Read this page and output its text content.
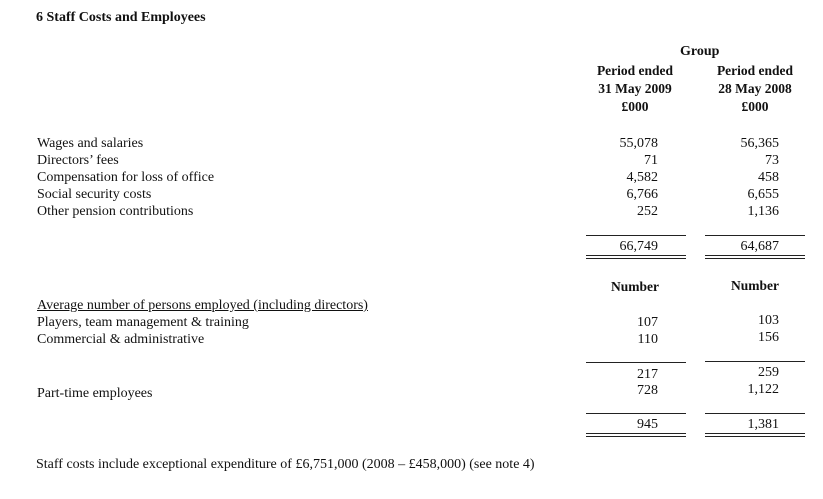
6 Staff Costs and Employees
Group
Period ended
31 May 2009
£000
Period ended
28 May 2008
£000
Wages and salaries	55,078	56,365
Directors’ fees	71	73
Compensation for loss of office	4,582	458
Social security costs	6,766	6,655
Other pension contributions	252	1,136
66,749	64,687
Number	Number
Average number of persons employed (including directors)
Players, team management & training	107	103
Commercial & administrative	110	156
217	259
Part-time employees	728	1,122
945	1,381
Staff costs include exceptional expenditure of £6,751,000 (2008 – £458,000) (see note 4)
